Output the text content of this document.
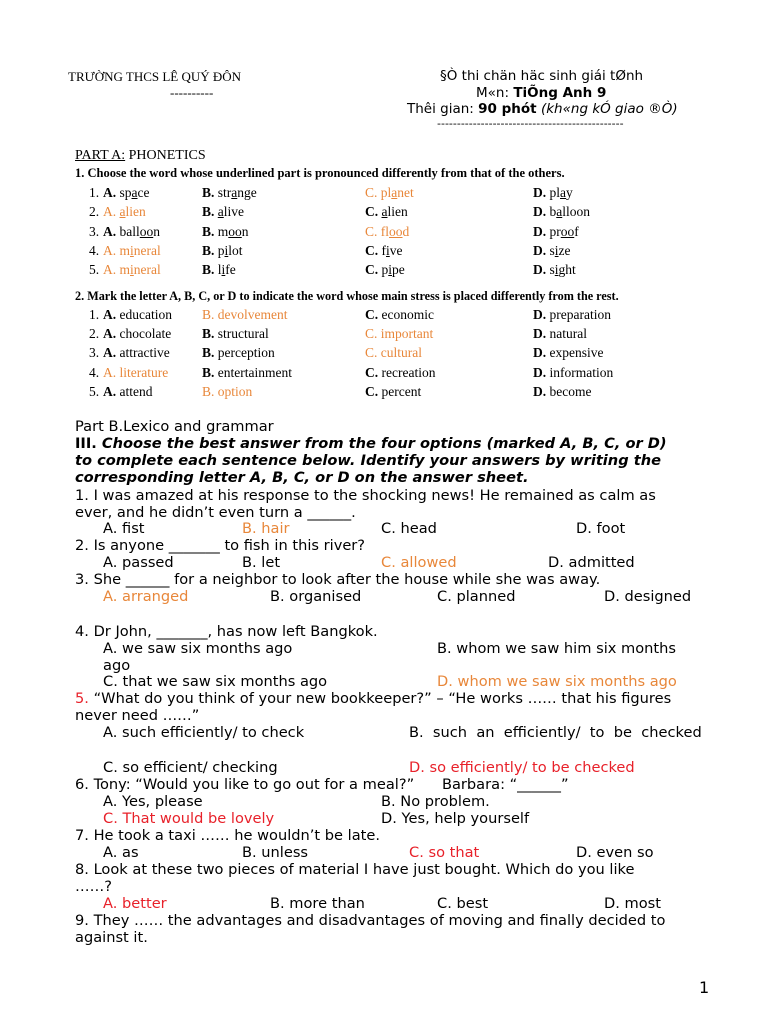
TRƯỜNG THCS LÊ QUÝ ĐÔN
----------
§Ò thi chän häc sinh giái tØnh
M«n: TiÕng Anh 9
Thêi gian: 90 phót (kh«ng kÓ giao ®Ò)
-----------------------------------------------
PART A: PHONETICS
1. Choose the word whose underlined part is pronounced differently from that of the others.
1. A. space	B. strange	C. planet	D. play
2. A. alien	B. alive	C. alien	D. balloon
3. A. balloon	B. moon	C. flood	D. proof
4. A. mineral	B. pilot	C. five	D. size
5. A. mineral	B. life	C. pipe	D. sight
2. Mark the letter A, B, C, or D to indicate the word whose main stress is placed differently from the rest.
1. A. education B. devolvement	C. economic	D. preparation
2. A. chocolate B. structural	C. important	D. natural
3. A. attractive B. perception	C. cultural	D. expensive
4. A. literature	B. entertainment	C. recreation	D. information
5. A. attend	B. option	C. percent	D. become
Part B.Lexico and grammar
III. Choose the best answer from the four options (marked A, B, C, or D)
to complete each sentence below. Identify your answers by writing the
corresponding letter A, B, C, or D on the answer sheet.
1. I was amazed at his response to the shocking news! He remained as calm as
ever, and he didn’t even turn a ______.
A. fist	B. hair	C. head	D. foot
2. Is anyone _______ to fish in this river?
A. passed	B. let	C. allowed	D. admitted
3. She ______ for a neighbor to look after the house while she was away.
A. arranged	B. organised	C. planned	D. designed
4. Dr John, _______, has now left Bangkok.
A. we saw six months ago	B. whom we saw him six months
ago
C. that we saw six months ago	D. whom we saw six months ago
5. “What do you think of your new bookkeeper?” – “He works …… that his figures
never need ……”
A. such efficiently/ to check	B.  such  an  efficiently/  to  be  checked
C. so efficient/ checking	D. so efficiently/ to be checked
6. Tony: “Would you like to go out for a meal?”      Barbara: “______”
A. Yes, please	B. No problem.
C. That would be lovely	D. Yes, help yourself
7. He took a taxi …… he wouldn’t be late.
A. as	B. unless	C. so that	D. even so
8. Look at these two pieces of material I have just bought. Which do you like
……?
A. better	B. more than	C. best	D. most
9. They …… the advantages and disadvantages of moving and finally decided to
against it.
1
